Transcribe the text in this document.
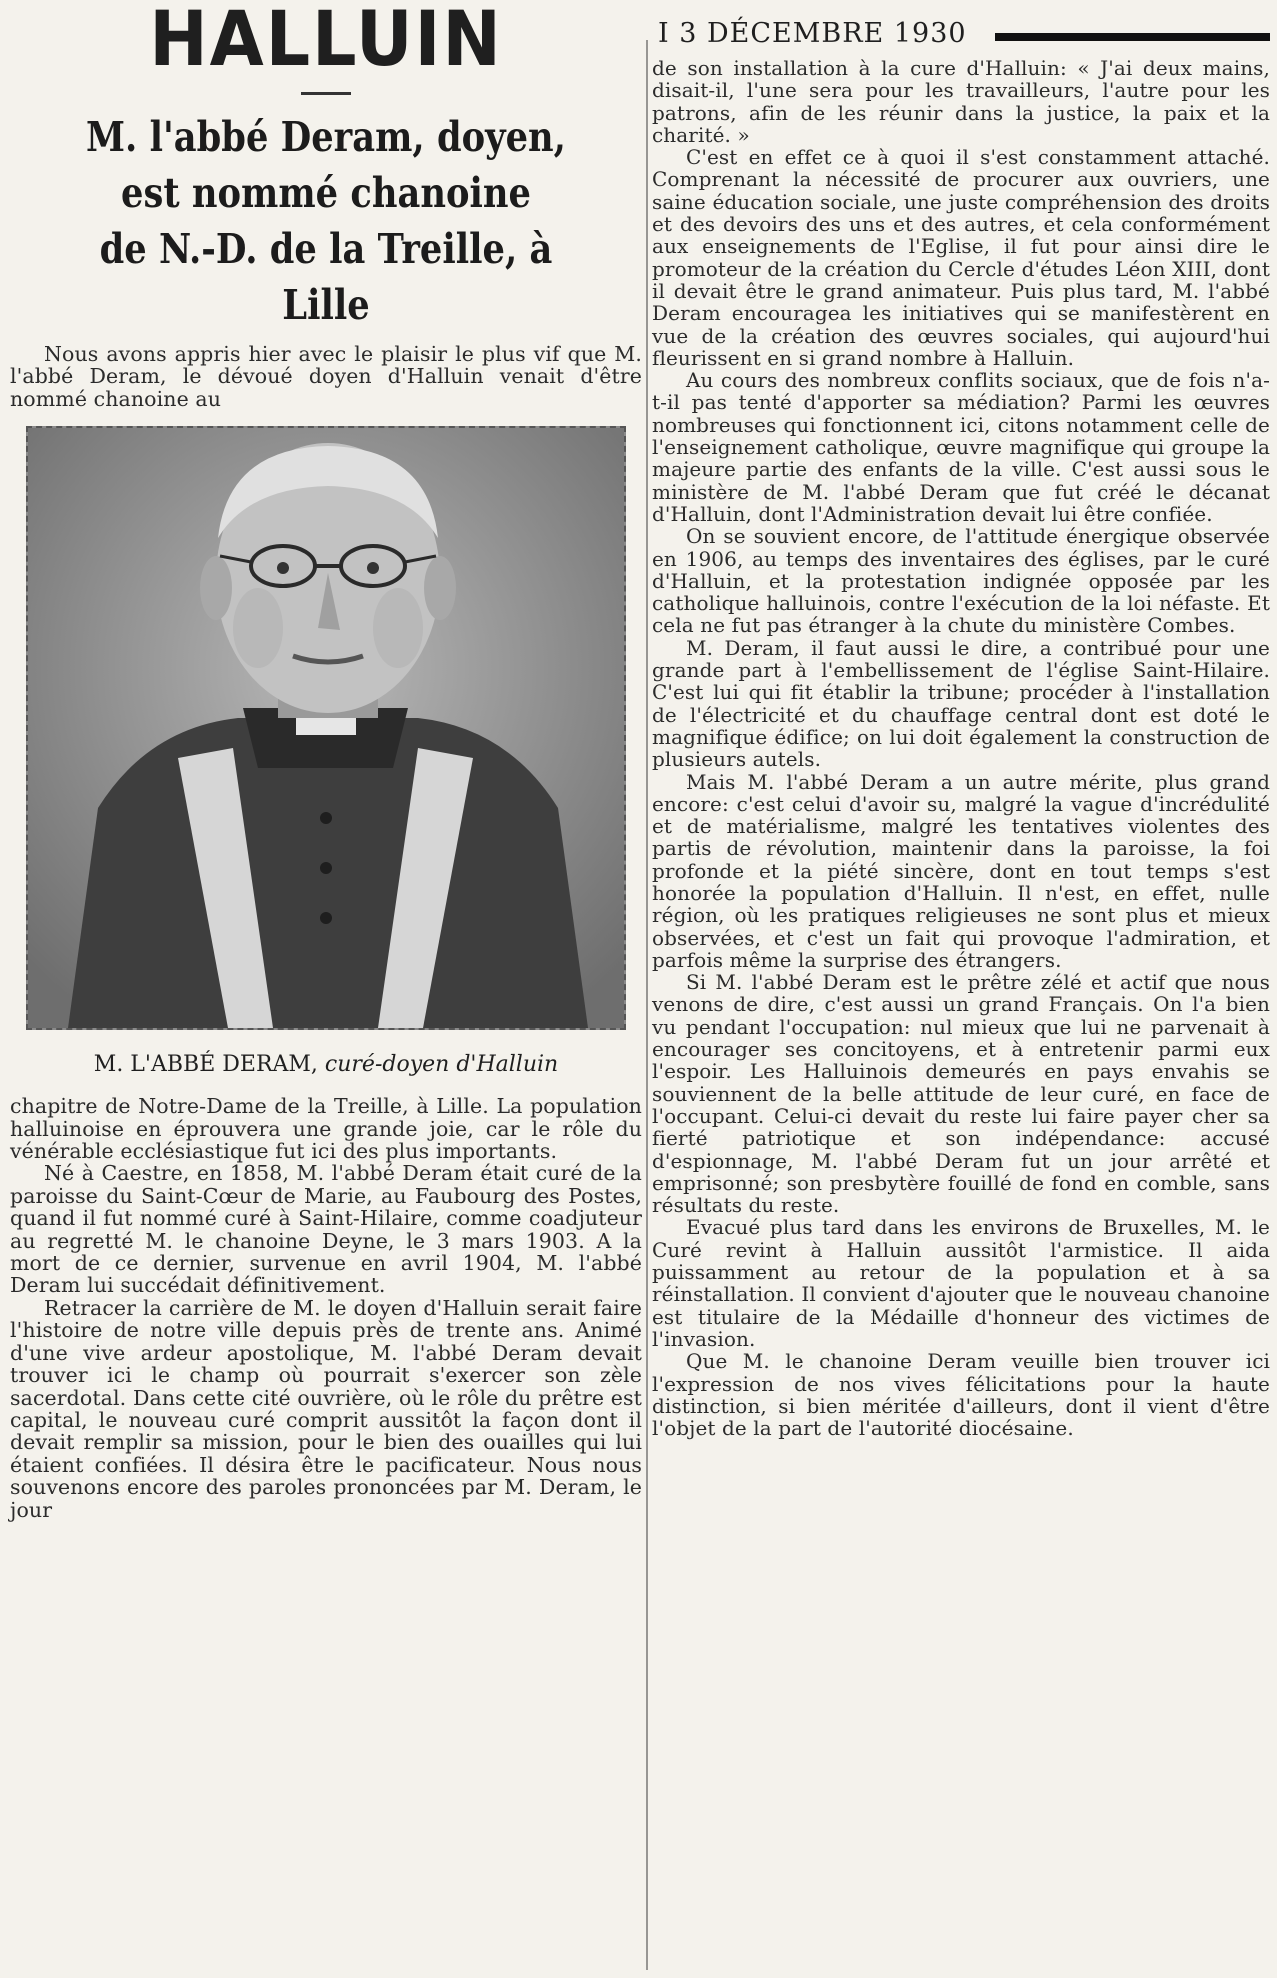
HALLUIN
M. l'abbé Deram, doyen,
est nommé chanoine
de N.-D. de la Treille, à Lille

Nous avons appris hier avec le plaisir le plus vif que M. l'abbé Deram, le dévoué doyen d'Halluin venait d'être nommé chanoine au

M. L'ABBÉ DERAM, curé-doyen d'Halluin

chapitre de Notre-Dame de la Treille, à Lille. La population halluinoise en éprouvera une grande joie, car le rôle du vénérable ecclésiastique fut ici des plus importants.

Né à Caestre, en 1858, M. l'abbé Deram était curé de la paroisse du Saint-Cœur de Marie, au Faubourg des Postes, quand il fut nommé curé à Saint-Hilaire, comme coadjuteur au regretté M. le chanoine Deyne, le 3 mars 1903. A la mort de ce dernier, survenue en avril 1904, M. l'abbé Deram lui succédait définitivement.

Retracer la carrière de M. le doyen d'Halluin serait faire l'histoire de notre ville depuis près de trente ans. Animé d'une vive ardeur apostolique, M. l'abbé Deram devait trouver ici le champ où pourrait s'exercer son zèle sacerdotal. Dans cette cité ouvrière, où le rôle du prêtre est capital, le nouveau curé comprit aussitôt la façon dont il devait remplir sa mission, pour le bien des ouailles qui lui étaient confiées. Il désira être le pacificateur. Nous nous souvenons encore des paroles prononcées par M. Deram, le jour

I 3 DÉCEMBRE 1930

de son installation à la cure d'Halluin: « J'ai deux mains, disait-il, l'une sera pour les travailleurs, l'autre pour les patrons, afin de les réunir dans la justice, la paix et la charité. »

C'est en effet ce à quoi il s'est constamment attaché. Comprenant la nécessité de procurer aux ouvriers, une saine éducation sociale, une juste compréhension des droits et des devoirs des uns et des autres, et cela conformément aux enseignements de l'Eglise, il fut pour ainsi dire le promoteur de la création du Cercle d'études Léon XIII, dont il devait être le grand animateur. Puis plus tard, M. l'abbé Deram encouragea les initiatives qui se manifestèrent en vue de la création des œuvres sociales, qui aujourd'hui fleurissent en si grand nombre à Halluin.

Au cours des nombreux conflits sociaux, que de fois n'a-t-il pas tenté d'apporter sa médiation? Parmi les œuvres nombreuses qui fonctionnent ici, citons notamment celle de l'enseignement catholique, œuvre magnifique qui groupe la majeure partie des enfants de la ville. C'est aussi sous le ministère de M. l'abbé Deram que fut créé le décanat d'Halluin, dont l'Administration devait lui être confiée.

On se souvient encore, de l'attitude énergique observée en 1906, au temps des inventaires des églises, par le curé d'Halluin, et la protestation indignée opposée par les catholique halluinois, contre l'exécution de la loi néfaste. Et cela ne fut pas étranger à la chute du ministère Combes.

M. Deram, il faut aussi le dire, a contribué pour une grande part à l'embellissement de l'église Saint-Hilaire. C'est lui qui fit établir la tribune; procéder à l'installation de l'électricité et du chauffage central dont est doté le magnifique édifice; on lui doit également la construction de plusieurs autels.

Mais M. l'abbé Deram a un autre mérite, plus grand encore: c'est celui d'avoir su, malgré la vague d'incrédulité et de matérialisme, malgré les tentatives violentes des partis de révolution, maintenir dans la paroisse, la foi profonde et la piété sincère, dont en tout temps s'est honorée la population d'Halluin. Il n'est, en effet, nulle région, où les pratiques religieuses ne sont plus et mieux observées, et c'est un fait qui provoque l'admiration, et parfois même la surprise des étrangers.

Si M. l'abbé Deram est le prêtre zélé et actif que nous venons de dire, c'est aussi un grand Français. On l'a bien vu pendant l'occupation: nul mieux que lui ne parvenait à encourager ses concitoyens, et à entretenir parmi eux l'espoir. Les Halluinois demeurés en pays envahis se souviennent de la belle attitude de leur curé, en face de l'occupant. Celui-ci devait du reste lui faire payer cher sa fierté patriotique et son indépendance: accusé d'espionnage, M. l'abbé Deram fut un jour arrêté et emprisonné; son presbytère fouillé de fond en comble, sans résultats du reste.

Evacué plus tard dans les environs de Bruxelles, M. le Curé revint à Halluin aussitôt l'armistice. Il aida puissamment au retour de la population et à sa réinstallation. Il convient d'ajouter que le nouveau chanoine est titulaire de la Médaille d'honneur des victimes de l'invasion.

Que M. le chanoine Deram veuille bien trouver ici l'expression de nos vives félicitations pour la haute distinction, si bien méritée d'ailleurs, dont il vient d'être l'objet de la part de l'autorité diocésaine.
